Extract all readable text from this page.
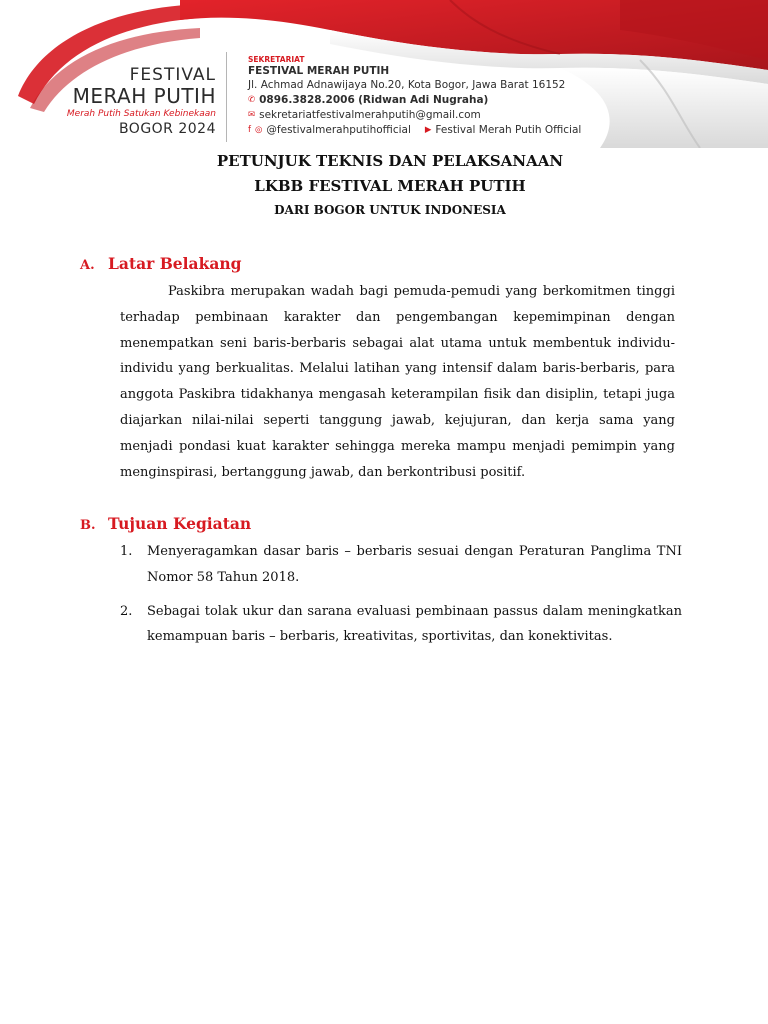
FESTIVAL
MERAH PUTIH
Merah Putih Satukan Kebinekaan
BOGOR 2024
SEKRETARIAT
FESTIVAL MERAH PUTIH
Jl. Achmad Adnawijaya No.20, Kota Bogor, Jawa Barat 16152
✆ 0896.3828.2006
(Ridwan Adi Nugraha)
✉ sekretariatfestivalmerahputih@gmail.com
f ◎ @festivalmerahputihofficial ▶ Festival Merah Putih Official
PETUNJUK TEKNIS DAN PELAKSANAAN
LKBB FESTIVAL MERAH PUTIH
DARI BOGOR UNTUK INDONESIA
A. Latar Belakang

Paskibra merupakan wadah bagi pemuda-pemudi yang berkomitmen tinggi terhadap pembinaan karakter dan pengembangan kepemimpinan dengan menempatkan seni baris-berbaris sebagai alat utama untuk membentuk individu-individu yang berkualitas. Melalui latihan yang intensif dalam baris-berbaris, para anggota Paskibra tidakhanya mengasah keterampilan fisik dan disiplin, tetapi juga diajarkan nilai-nilai seperti tanggung jawab, kejujuran, dan kerja sama yang menjadi pondasi kuat karakter sehingga mereka mampu menjadi pemimpin yang menginspirasi, bertanggung jawab, dan berkontribusi positif.

B. Tujuan Kegiatan
1.	Menyeragamkan dasar baris – berbaris sesuai dengan Peraturan Panglima TNI Nomor 58 Tahun 2018.
2.	Sebagai tolak ukur dan sarana evaluasi pembinaan passus dalam meningkatkan kemampuan baris – berbaris, kreativitas, sportivitas, dan konektivitas.
